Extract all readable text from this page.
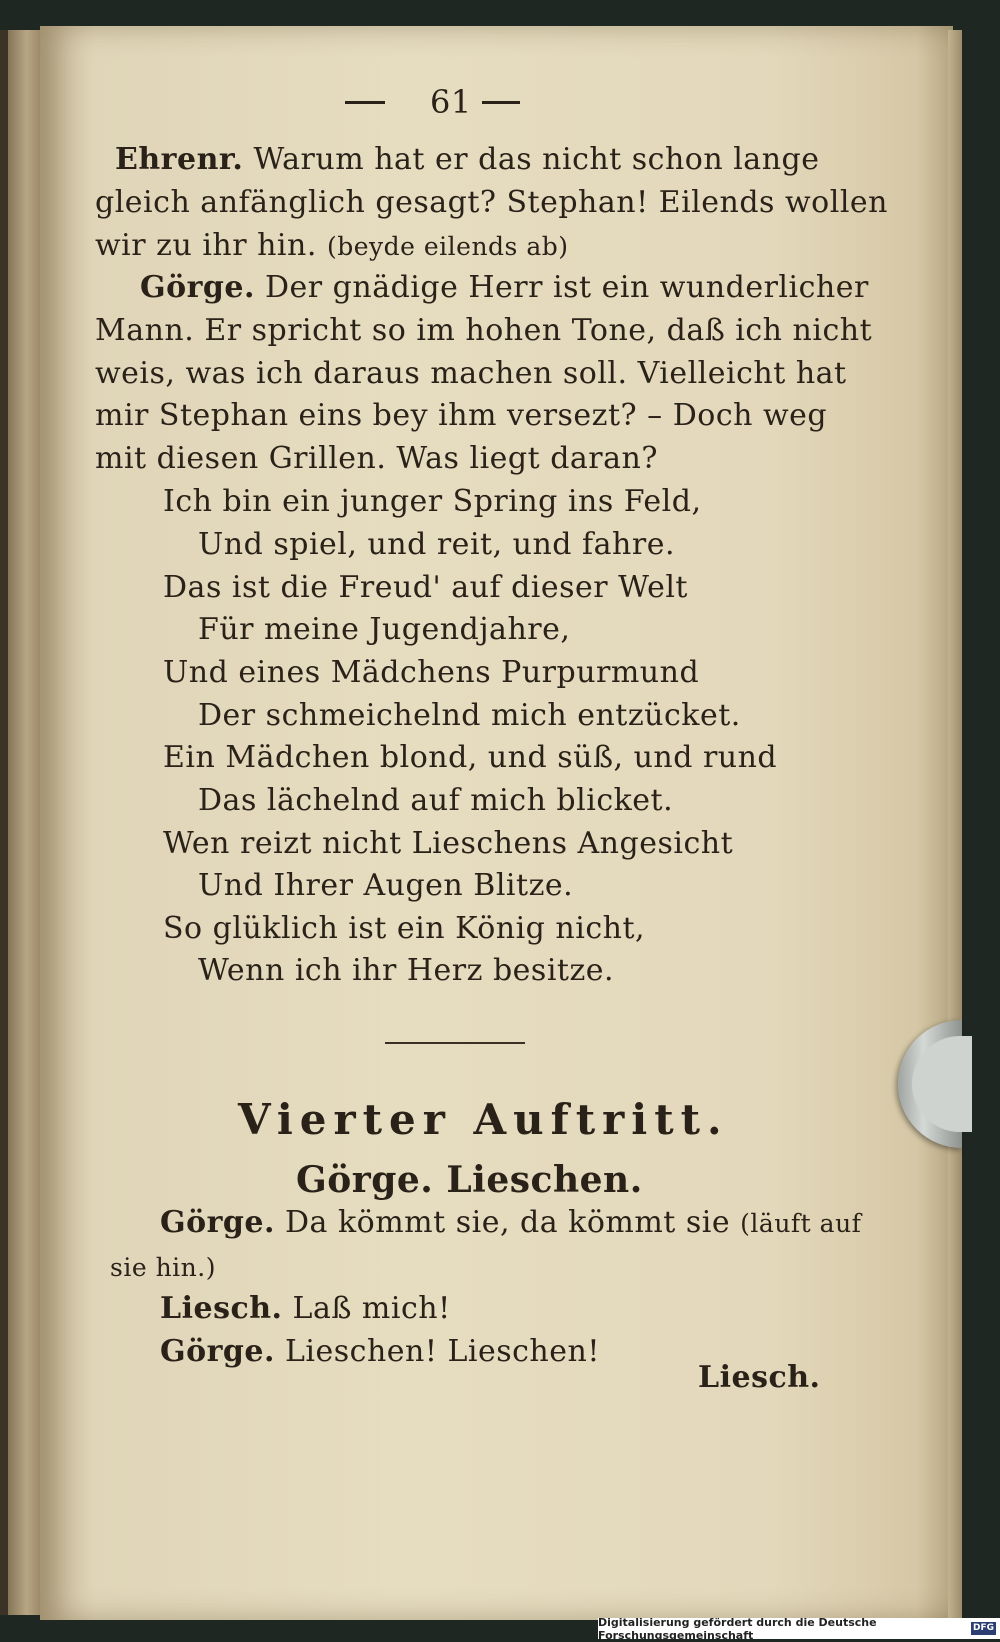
61
Ehrenr. Warum hat er das nicht schon lange
gleich anfänglich gesagt? Stephan! Eilends wollen
wir zu ihr hin. (beyde eilends ab)
Görge. Der gnädige Herr ist ein wunderlicher
Mann. Er spricht so im hohen Tone, daß ich nicht
weis, was ich daraus machen soll. Vielleicht hat
mir Stephan eins bey ihm versezt? – Doch weg
mit diesen Grillen. Was liegt daran?
Ich bin ein junger Spring ins Feld,
Und spiel, und reit, und fahre.
Das ist die Freud' auf dieser Welt
Für meine Jugendjahre,
Und eines Mädchens Purpurmund
Der schmeichelnd mich entzücket.
Ein Mädchen blond, und süß, und rund
Das lächelnd auf mich blicket.
Wen reizt nicht Lieschens Angesicht
Und Ihrer Augen Blitze.
So glüklich ist ein König nicht,
Wenn ich ihr Herz besitze.
Vierter Auftritt.
Görge. Lieschen.
Görge. Da kömmt sie, da kömmt sie (läuft auf
sie hin.)
Liesch. Laß mich!
Görge. Lieschen! Lieschen!
Liesch.
Digitalisierung gefördert durch die Deutsche Forschungsgemeinschaft
DFG
